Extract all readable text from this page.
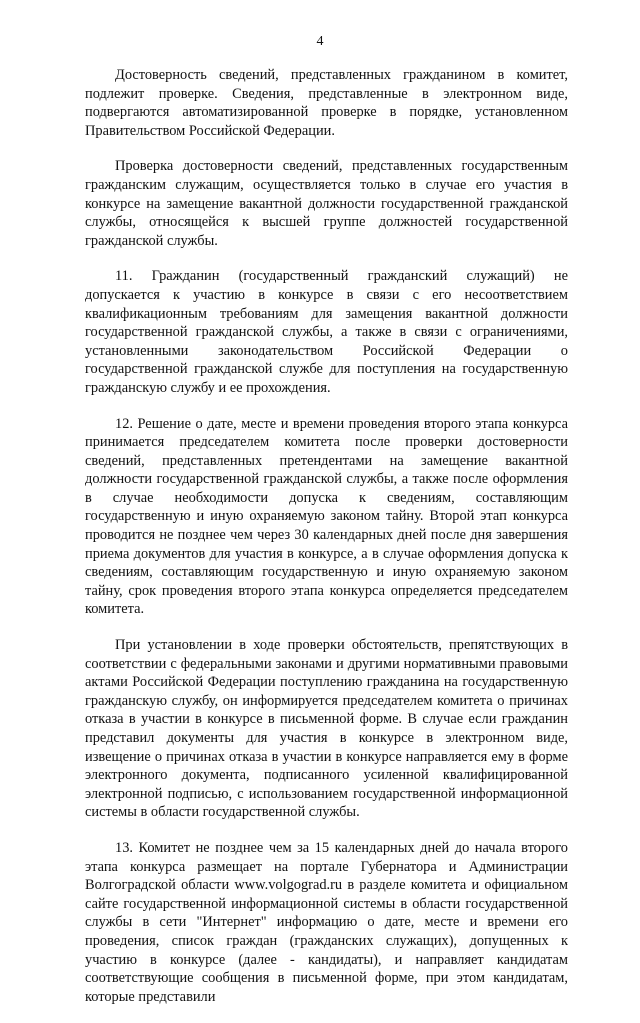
4

Достоверность сведений, представленных гражданином в комитет, подлежит проверке. Сведения, представленные в электронном виде, подвергаются автоматизированной проверке в порядке, установленном Правительством Российской Федерации.

Проверка достоверности сведений, представленных государственным гражданским служащим, осуществляется только в случае его участия в конкурсе на замещение вакантной должности государственной гражданской службы, относящейся к высшей группе должностей государственной гражданской службы.

11. Гражданин (государственный гражданский служащий) не допускается к участию в конкурсе в связи с его несоответствием квалификационным требованиям для замещения вакантной должности государственной гражданской службы, а также в связи с ограничениями, установленными законодательством Российской Федерации о государственной гражданской службе для поступления на государственную гражданскую службу и ее прохождения.

12. Решение о дате, месте и времени проведения второго этапа конкурса принимается председателем комитета после проверки достоверности сведений, представленных претендентами на замещение вакантной должности государственной гражданской службы, а также после оформления в случае необходимости допуска к сведениям, составляющим государственную и иную охраняемую законом тайну. Второй этап конкурса проводится не позднее чем через 30 календарных дней после дня завершения приема документов для участия в конкурсе, а в случае оформления допуска к сведениям, составляющим государственную и иную охраняемую законом тайну, срок проведения второго этапа конкурса определяется председателем комитета.

При установлении в ходе проверки обстоятельств, препятствующих в соответствии с федеральными законами и другими нормативными правовыми актами Российской Федерации поступлению гражданина на государственную гражданскую службу, он информируется председателем комитета о причинах отказа в участии в конкурсе в письменной форме. В случае если гражданин представил документы для участия в конкурсе в электронном виде, извещение о причинах отказа в участии в конкурсе направляется ему в форме электронного документа, подписанного усиленной квалифицированной электронной подписью, с использованием государственной информационной системы в области государственной службы.

13. Комитет не позднее чем за 15 календарных дней до начала второго этапа конкурса размещает на портале Губернатора и Администрации Волгоградской области www.volgograd.ru в разделе комитета и официальном сайте государственной информационной системы в области государственной службы в сети "Интернет" информацию о дате, месте и времени его проведения, список граждан (гражданских служащих), допущенных к участию в конкурсе (далее - кандидаты), и направляет кандидатам соответствующие сообщения в письменной форме, при этом кандидатам, которые представили
